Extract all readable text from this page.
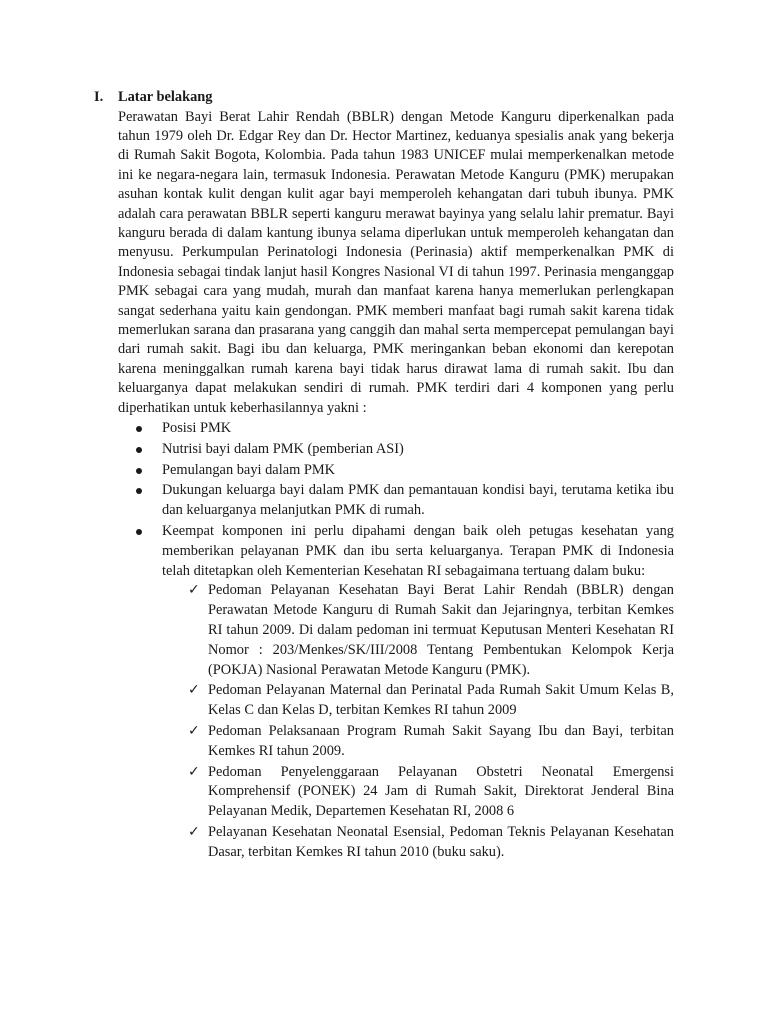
I.	Latar belakang

Perawatan Bayi Berat Lahir Rendah (BBLR) dengan Metode Kanguru diperkenalkan pada tahun 1979 oleh Dr. Edgar Rey dan Dr. Hector Martinez, keduanya spesialis anak yang bekerja di Rumah Sakit Bogota, Kolombia. Pada tahun 1983 UNICEF mulai memperkenalkan metode ini ke negara-negara lain, termasuk Indonesia. Perawatan Metode Kanguru (PMK) merupakan asuhan kontak kulit dengan kulit agar bayi memperoleh kehangatan dari tubuh ibunya. PMK adalah cara perawatan BBLR seperti kanguru merawat bayinya yang selalu lahir prematur. Bayi kanguru berada di dalam kantung ibunya selama diperlukan untuk memperoleh kehangatan dan menyusu. Perkumpulan Perinatologi Indonesia (Perinasia) aktif memperkenalkan PMK di Indonesia sebagai tindak lanjut hasil Kongres Nasional VI di tahun 1997. Perinasia menganggap PMK sebagai cara yang mudah, murah dan manfaat karena hanya memerlukan perlengkapan sangat sederhana yaitu kain gendongan. PMK memberi manfaat bagi rumah sakit karena tidak memerlukan sarana dan prasarana yang canggih dan mahal serta mempercepat pemulangan bayi dari rumah sakit. Bagi ibu dan keluarga, PMK meringankan beban ekonomi dan kerepotan karena meninggalkan rumah karena bayi tidak harus dirawat lama di rumah sakit. Ibu dan keluarganya dapat melakukan sendiri di rumah. PMK terdiri dari 4 komponen yang perlu diperhatikan untuk keberhasilannya yakni :

Posisi PMK
Nutrisi bayi dalam PMK (pemberian ASI)
Pemulangan bayi dalam PMK
Dukungan keluarga bayi dalam PMK dan pemantauan kondisi bayi, terutama ketika ibu dan keluarganya melanjutkan PMK di rumah.
Keempat komponen ini perlu dipahami dengan baik oleh petugas kesehatan yang memberikan pelayanan PMK dan ibu serta keluarganya. Terapan PMK di Indonesia telah ditetapkan oleh Kementerian Kesehatan RI sebagaimana tertuang dalam buku:
✓ Pedoman Pelayanan Kesehatan Bayi Berat Lahir Rendah (BBLR) dengan Perawatan Metode Kanguru di Rumah Sakit dan Jejaringnya, terbitan Kemkes RI tahun 2009. Di dalam pedoman ini termuat Keputusan Menteri Kesehatan RI Nomor : 203/Menkes/SK/III/2008 Tentang Pembentukan Kelompok Kerja (POKJA) Nasional Perawatan Metode Kanguru (PMK).
✓ Pedoman Pelayanan Maternal dan Perinatal Pada Rumah Sakit Umum Kelas B, Kelas C dan Kelas D, terbitan Kemkes RI tahun 2009
✓ Pedoman Pelaksanaan Program Rumah Sakit Sayang Ibu dan Bayi, terbitan Kemkes RI tahun 2009.
✓ Pedoman Penyelenggaraan Pelayanan Obstetri Neonatal Emergensi Komprehensif (PONEK) 24 Jam di Rumah Sakit, Direktorat Jenderal Bina Pelayanan Medik, Departemen Kesehatan RI, 2008 6
✓ Pelayanan Kesehatan Neonatal Esensial, Pedoman Teknis Pelayanan Kesehatan Dasar, terbitan Kemkes RI tahun 2010 (buku saku).
